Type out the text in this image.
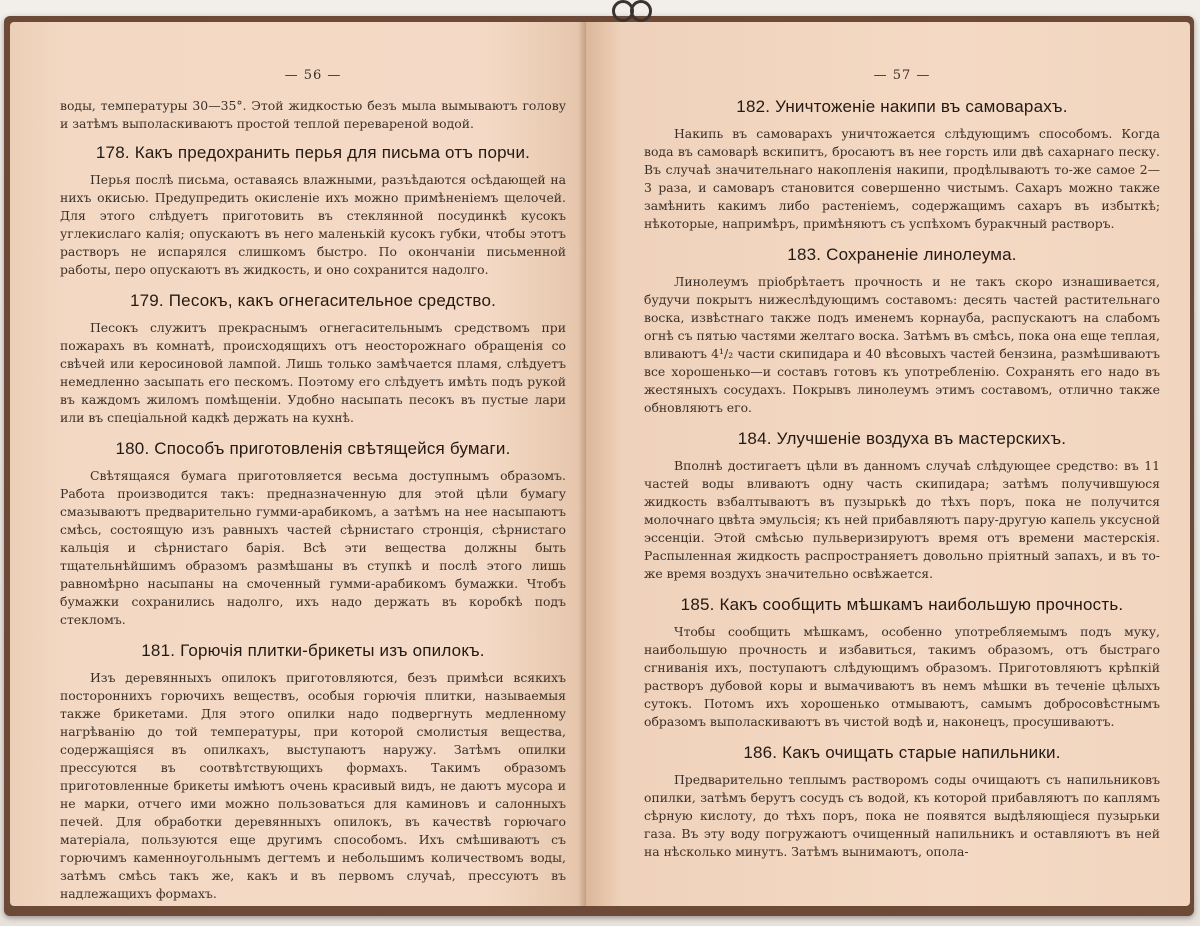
— 56 —

воды, температуры 30—35°. Этой жидкостью безъ мыла вымываютъ голову и затѣмъ выполаскиваютъ простой теплой перевареной водой.

178. Какъ предохранить перья для письма отъ порчи.

Перья послѣ письма, оставаясь влажными, разъѣдаются осѣдающей на нихъ окисью. Предупредить окисленіе ихъ можно примѣненіемъ щелочей. Для этого слѣдуетъ приготовить въ стеклянной посудинкѣ кусокъ углекислаго калія; опускаютъ въ него маленькій кусокъ губки, чтобы этотъ растворъ не испарялся слишкомъ быстро. По окончаніи письменной работы, перо опускаютъ въ жидкость, и оно сохранится надолго.

179. Песокъ, какъ огнегасительное средство.

Песокъ служитъ прекраснымъ огнегасительнымъ средствомъ при пожарахъ въ комнатѣ, происходящихъ отъ неосторожнаго обращенія со свѣчей или керосиновой лампой. Лишь только замѣчается пламя, слѣдуетъ немедленно засыпать его пескомъ. Поэтому его слѣдуетъ имѣть подъ рукой въ каждомъ жиломъ помѣщеніи. Удобно насыпать песокъ въ пустые лари или въ спеціальной кадкѣ держать на кухнѣ.

180. Способъ приготовленія свѣтящейся бумаги.

Свѣтящаяся бумага приготовляется весьма доступнымъ образомъ. Работа производится такъ: предназначенную для этой цѣли бумагу смазываютъ предварительно гумми-арабикомъ, а затѣмъ на нее насыпаютъ смѣсь, состоящую изъ равныхъ частей сѣрнистаго стронція, сѣрнистаго кальція и сѣрнистаго барія. Всѣ эти вещества должны быть тщательнѣйшимъ образомъ размѣшаны въ ступкѣ и послѣ этого лишь равномѣрно насыпаны на смоченный гумми-арабикомъ бумажки. Чтобъ бумажки сохранились надолго, ихъ надо держать въ коробкѣ подъ стекломъ.

181. Горючія плитки-брикеты изъ опилокъ.

Изъ деревянныхъ опилокъ приготовляются, безъ примѣси всякихъ постороннихъ горючихъ веществъ, особыя горючія плитки, называемыя также брикетами. Для этого опилки надо подвергнуть медленному нагрѣванію до той температуры, при которой смолистыя вещества, содержащіяся въ опилкахъ, выступаютъ наружу. Затѣмъ опилки прессуются въ соотвѣтствующихъ формахъ. Такимъ образомъ приготовленные брикеты имѣютъ очень красивый видъ, не даютъ мусора и не марки, отчего ими можно пользоваться для каминовъ и салонныхъ печей. Для обработки деревянныхъ опилокъ, въ качествѣ горючаго матеріала, пользуются еще другимъ способомъ. Ихъ смѣшиваютъ съ горючимъ каменноугольнымъ дегтемъ и небольшимъ количествомъ воды, затѣмъ смѣсь такъ же, какъ и въ первомъ случаѣ, прессуютъ въ надлежащихъ формахъ.

— 57 —
182. Уничтоженіе накипи въ самоварахъ.

Накипь въ самоварахъ уничтожается слѣдующимъ способомъ. Когда вода въ самоварѣ вскипитъ, бросаютъ въ нее горсть или двѣ сахарнаго песку. Въ случаѣ значительнаго накопленія накипи, продѣлываютъ то-же самое 2—3 раза, и самоваръ становится совершенно чистымъ. Сахаръ можно также замѣнить какимъ либо растеніемъ, содержащимъ сахаръ въ избыткѣ; нѣкоторые, напримѣръ, примѣняютъ съ успѣхомъ буракчный растворъ.

183. Сохраненіе линолеума.

Линолеумъ пріобрѣтаетъ прочность и не такъ скоро изнашивается, будучи покрытъ нижеслѣдующимъ составомъ: десять частей растительнаго воска, извѣстнаго также подъ именемъ корнауба, распускаютъ на слабомъ огнѣ съ пятью частями желтаго воска. Затѣмъ въ смѣсь, пока она еще теплая, вливаютъ 4¹/₂ части скипидара и 40 вѣсовыхъ частей бензина, размѣшиваютъ все хорошенько—и составъ готовъ къ употребленію. Сохранять его надо въ жестяныхъ сосудахъ. Покрывъ линолеумъ этимъ составомъ, отлично также обновляютъ его.

184. Улучшеніе воздуха въ мастерскихъ.

Вполнѣ достигаетъ цѣли въ данномъ случаѣ слѣдующее средство: въ 11 частей воды вливаютъ одну часть скипидара; затѣмъ получившуюся жидкость взбалтываютъ въ пузырькѣ до тѣхъ поръ, пока не получится молочнаго цвѣта эмульсія; къ ней прибавляютъ пару-другую капель уксусной эссенціи. Этой смѣсью пульверизируютъ время отъ времени мастерскія. Распыленная жидкость распространяетъ довольно пріятный запахъ, и въ то-же время воздухъ значительно освѣжается.

185. Какъ сообщить мѣшкамъ наибольшую прочность.

Чтобы сообщить мѣшкамъ, особенно употребляемымъ подъ муку, наибольшую прочность и избавиться, такимъ образомъ, отъ быстраго сгниванія ихъ, поступаютъ слѣдующимъ образомъ. Приготовляютъ крѣпкій растворъ дубовой коры и вымачиваютъ въ немъ мѣшки въ теченіе цѣлыхъ сутокъ. Потомъ ихъ хорошенько отмываютъ, самымъ добросовѣстнымъ образомъ выполаскиваютъ въ чистой водѣ и, наконецъ, просушиваютъ.

186. Какъ очищать старые напильники.

Предварительно теплымъ растворомъ соды очищаютъ съ напильниковъ опилки, затѣмъ берутъ сосудъ съ водой, къ которой прибавляютъ по каплямъ сѣрную кислоту, до тѣхъ поръ, пока не появятся выдѣляющіеся пузырьки газа. Въ эту воду погружаютъ очищенный напильникъ и оставляютъ въ ней на нѣсколько минутъ. Затѣмъ вынимаютъ, опола-
